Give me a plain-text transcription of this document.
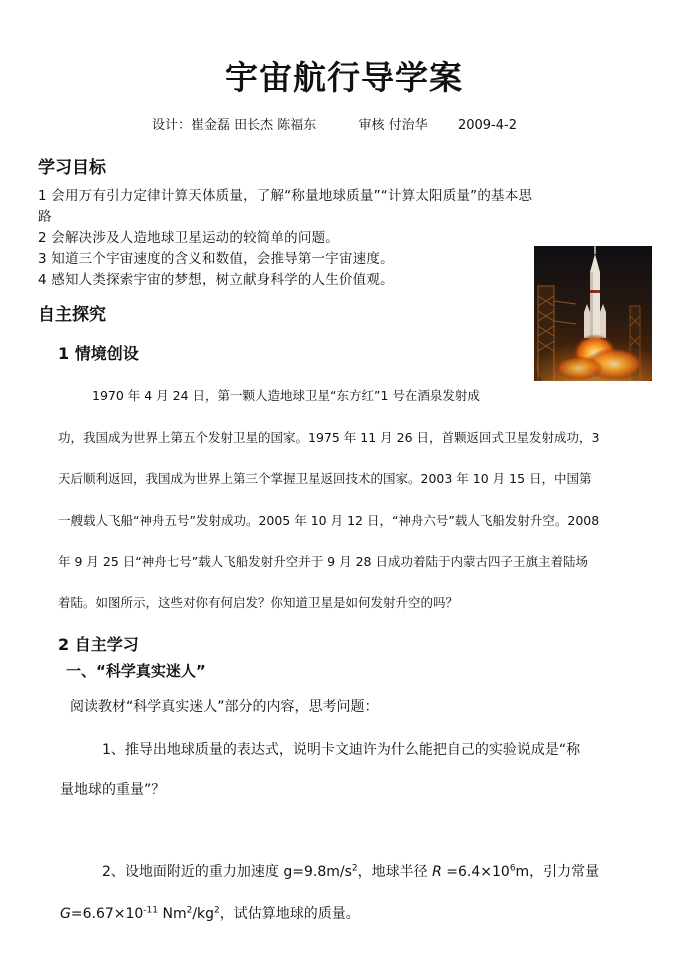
宇宙航行导学案
设计：崔金磊 田长杰 陈福东	审核 付治华 2009-4-2
学习目标
1 会用万有引力定律计算天体质量，了解“称量地球质量”“计算太阳质量”的基本思
路
2 会解决涉及人造地球卫星运动的较简单的问题。
3 知道三个宇宙速度的含义和数值，会推导第一宇宙速度。
4 感知人类探索宇宙的梦想，树立献身科学的人生价值观。
自主探究
1 情境创设
1970 年 4 月 24 日，第一颗人造地球卫星“东方红”1 号在酒泉发射成
功，我国成为世界上第五个发射卫星的国家。1975 年 11 月 26 日，首颗返回式卫星发射成功，3
天后顺利返回，我国成为世界上第三个掌握卫星返回技术的国家。2003 年 10 月 15 日，中国第
一艘载人飞船“神舟五号”发射成功。2005 年 10 月 12 日，“神舟六号”载人飞船发射升空。2008
年 9 月 25 日“神舟七号”载人飞船发射升空并于 9 月 28 日成功着陆于内蒙古四子王旗主着陆场
着陆。如图所示，这些对你有何启发？你知道卫星是如何发射升空的吗？
2 自主学习
一、“科学真实迷人”
阅读教材“科学真实迷人”部分的内容，思考问题：
1、推导出地球质量的表达式，说明卡文迪许为什么能把自己的实验说成是“称
量地球的重量”？
2、设地面附近的重力加速度 $g=9.8m/s^2$，地球半径 $R =6.4\times 10^6m$，引力常量
$G=6.67\times 10^{-11}$ $Nm^2/kg^2$，试估算地球的质量。
